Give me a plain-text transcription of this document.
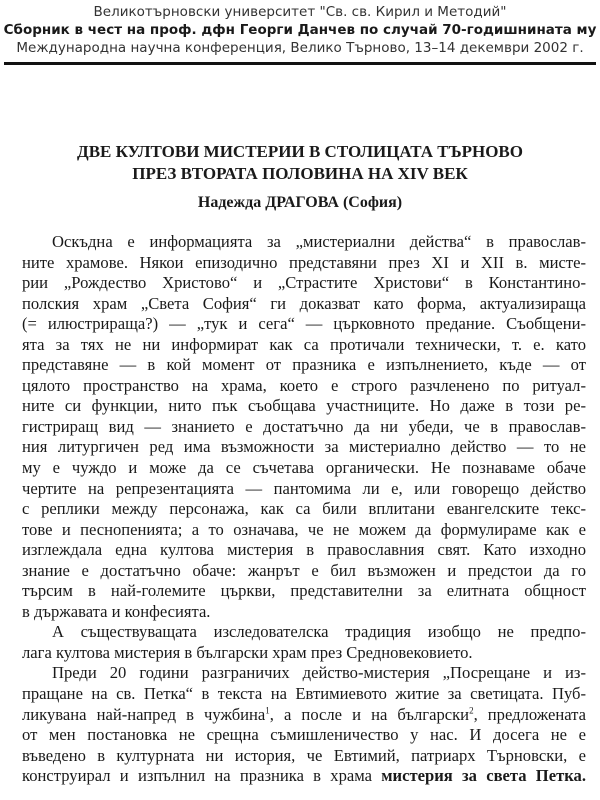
Великотърновски университет "Св. св. Кирил и Методий"
Сборник в чест на проф. дфн Георги Данчев по случай 70-годишнината му
Международна научна конференция, Велико Търново, 13–14 декември 2002 г.
ДВЕ КУЛТОВИ МИСТЕРИИ В СТОЛИЦАТА ТЪРНОВО
ПРЕЗ ВТОРАТА ПОЛОВИНА НА XIV ВЕК
Надежда ДРАГОВА (София)
Оскъдна е информацията за „мистериални действа“ в православ-
ните храмове. Някои епизодично представяни през XI и XII в. мисте-
рии „Рождество Христово“ и „Страстите Христови“ в Константино-
полския храм „Света София“ ги доказват като форма, актуализираща
(= илюстрираща?) — „тук и сега“ — църковното предание. Съобщени-
ята за тях не ни информират как са протичали технически, т. е. като
представяне — в кой момент от празника е изпълнението, къде — от
цялото пространство на храма, което е строго разчленено по ритуал-
ните си функции, нито пък съобщава участниците. Но даже в този ре-
гистриращ вид — знанието е достатъчно да ни убеди, че в православ-
ния литургичен ред има възможности за мистериално действо — то не
му е чуждо и може да се съчетава органически. Не познаваме обаче
чертите на репрезентацията — пантомима ли е, или говорещо действо
с реплики между персонажа, как са били вплитани евангелските текс-
тове и песнопенията; а то означава, че не можем да формулираме как е
изглеждала една култова мистерия в православния свят. Като изходно
знание е достатъчно обаче: жанрът е бил възможен и предстои да го
търсим в най-големите църкви, представителни за елитната общност
в държавата и конфесията.
А съществуващата изследователска традиция изобщо не предпо-
лага култова мистерия в български храм през Средновековието.
Преди 20 години разграничих действо-мистерия „Посрещане и из-
пращане на св. Петка“ в текста на Евтимиевото житие за светицата. Пуб-
ликувана най-напред в чужбина$^1$, а после и на български$^2$, предложената
от мен постановка не срещна съмишленичество у нас. И досега не е
въведено в културната ни история, че Евтимий, патриарх Търновски, е
конструирал и изпълнил на празника в храма мистерия за света Петка.
